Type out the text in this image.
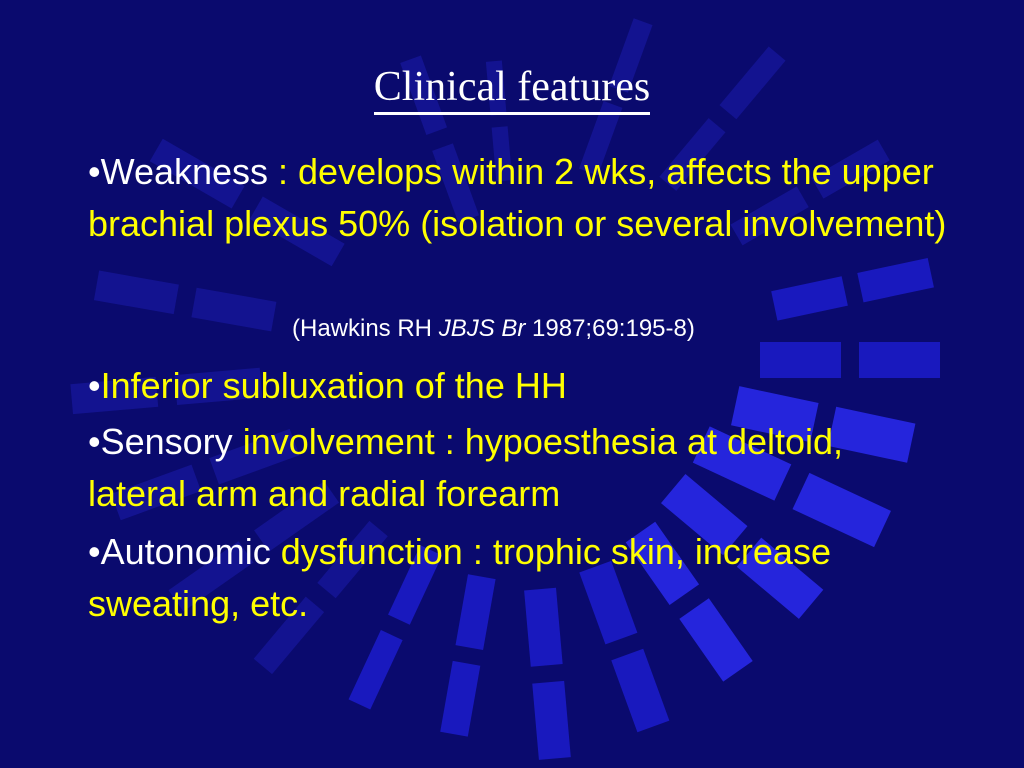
Clinical features

•Weakness : develops within 2 wks, affects the upper brachial plexus 50% (isolation or several involvement)

(Hawkins RH JBJS Br 1987;69:195-8)

•Inferior subluxation of the HH

•Sensory involvement : hypoesthesia at deltoid, lateral arm and radial forearm

•Autonomic dysfunction : trophic skin, increase sweating, etc.
